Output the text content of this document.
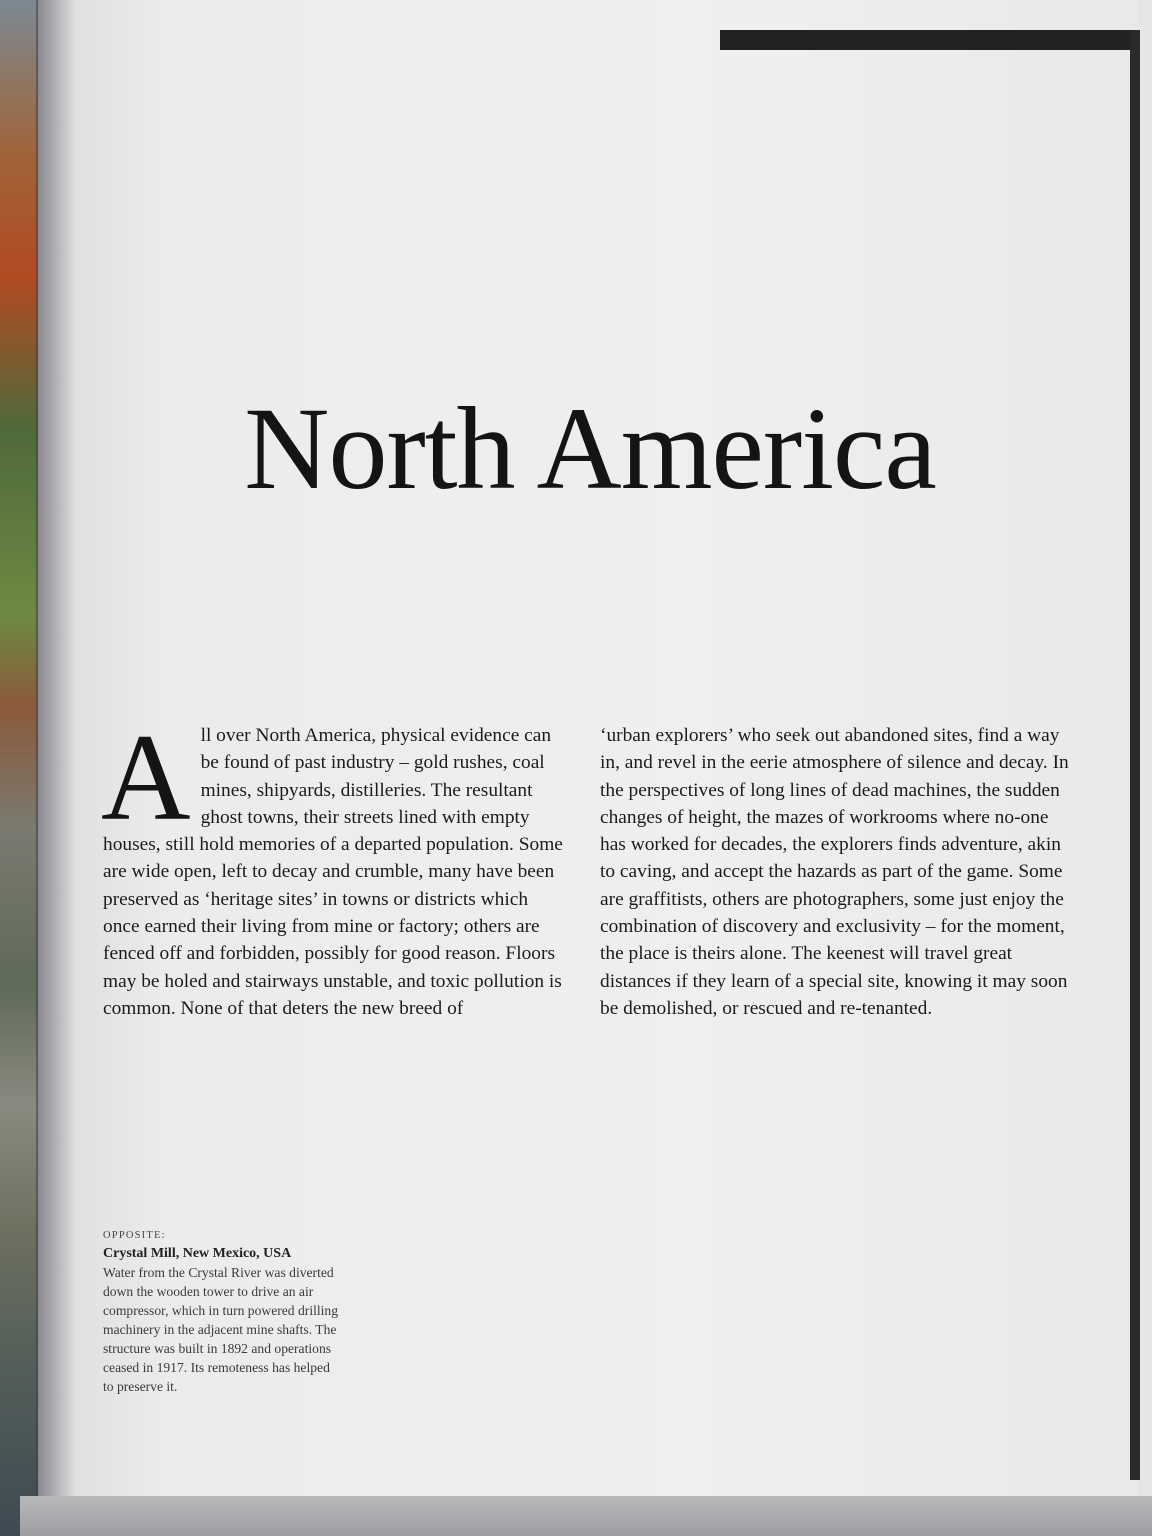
North America
All over North America, physical evidence can be found of past industry – gold rushes, coal mines, shipyards, distilleries. The resultant ghost towns, their streets lined with empty houses, still hold memories of a departed population. Some are wide open, left to decay and crumble, many have been preserved as ‘heritage sites’ in towns or districts which once earned their living from mine or factory; others are fenced off and forbidden, possibly for good reason. Floors may be holed and stairways unstable, and toxic pollution is common. None of that deters the new breed of
‘urban explorers’ who seek out abandoned sites, find a way in, and revel in the eerie atmosphere of silence and decay. In the perspectives of long lines of dead machines, the sudden changes of height, the mazes of workrooms where no-one has worked for decades, the explorers finds adventure, akin to caving, and accept the hazards as part of the game. Some are graffitists, others are photographers, some just enjoy the combination of discovery and exclusivity – for the moment, the place is theirs alone. The keenest will travel great distances if they learn of a special site, knowing it may soon be demolished, or rescued and re-tenanted.
OPPOSITE:
Crystal Mill, New Mexico, USA
Water from the Crystal River was diverted down the wooden tower to drive an air compressor, which in turn powered drilling machinery in the adjacent mine shafts. The structure was built in 1892 and operations ceased in 1917. Its remoteness has helped to preserve it.
